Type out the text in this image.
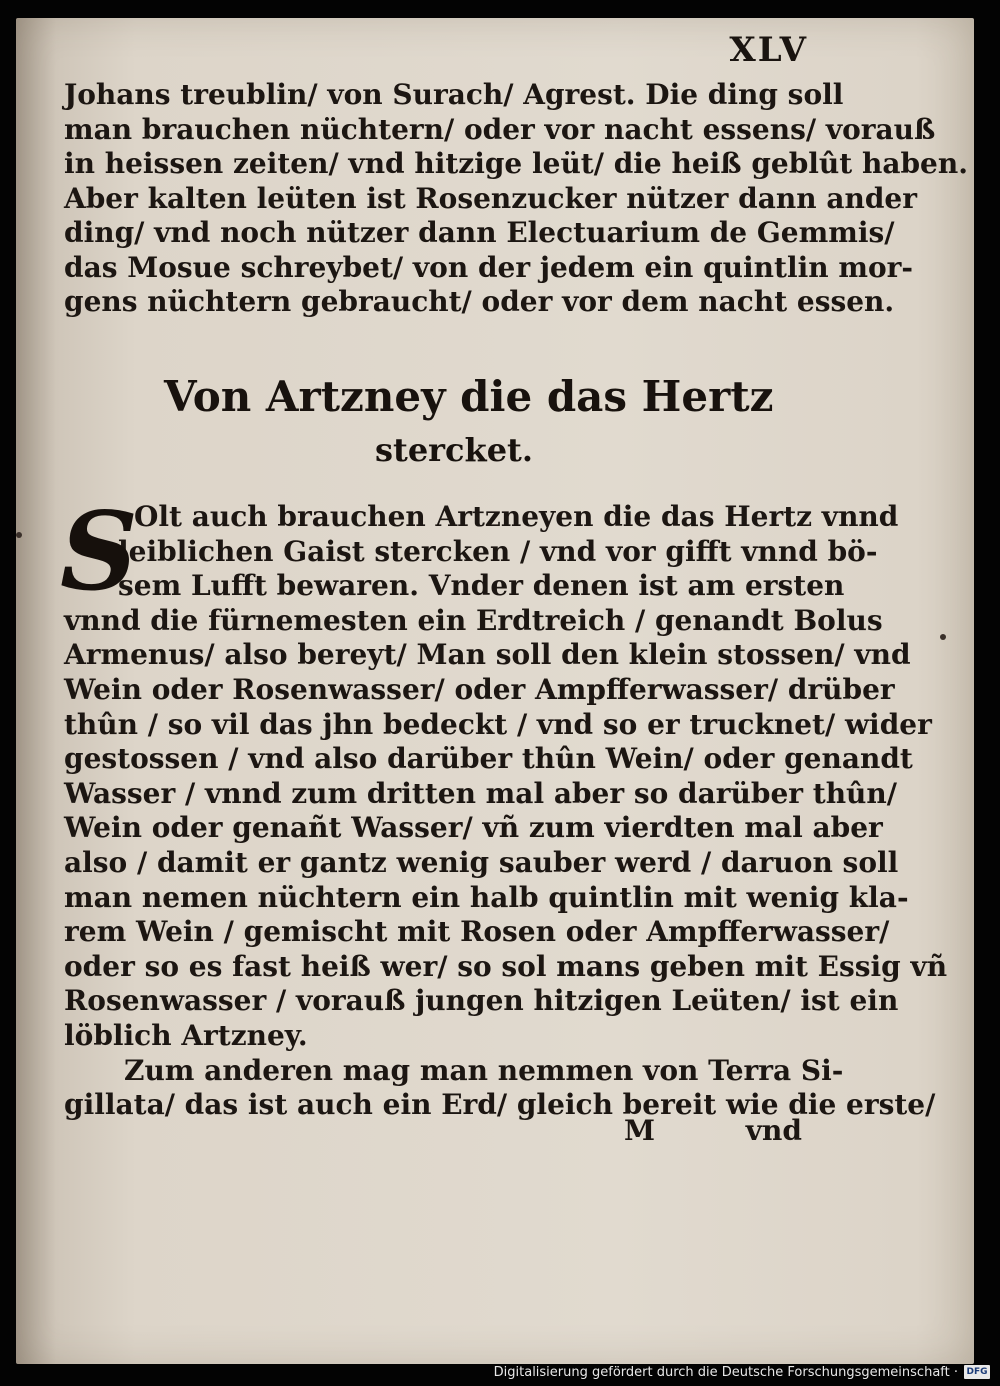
XLV

Johans treublin/ von Surach/ Agrest. Die ding soll
man brauchen nüchtern/ oder vor nacht essens/ vorauß
in heissen zeiten/ vnd hitzige leüt/ die heiß geblût haben.
Aber kalten leüten ist Rosenzucker nützer dann ander
ding/ vnd noch nützer dann Electuarium de Gemmis/
das Mosue schreybet/ von der jedem ein quintlin mor-
gens nüchtern gebraucht/ oder vor dem nacht essen.
Von Artzney die das Hertz
stercket.
S
Olt auch brauchen Artzneyen die das Hertz vnnd
leiblichen Gaist stercken / vnd vor gifft vnnd bö-
sem Lufft bewaren. Vnder denen ist am ersten
vnnd die fürnemesten ein Erdtreich / genandt Bolus
Armenus/ also bereyt/ Man soll den klein stossen/ vnd
Wein oder Rosenwasser/ oder Ampfferwasser/ drüber
thûn / so vil das jhn bedeckt / vnd so er trucknet/ wider
gestossen / vnd also darüber thûn Wein/ oder genandt
Wasser / vnnd zum dritten mal aber so darüber thûn/
Wein oder genañt Wasser/ vñ zum vierdten mal aber
also / damit er gantz wenig sauber werd / daruon soll
man nemen nüchtern ein halb quintlin mit wenig kla-
rem Wein / gemischt mit Rosen oder Ampfferwasser/
oder so es fast heiß wer/ so sol mans geben mit Essig vñ
Rosenwasser / vorauß jungen hitzigen Leüten/ ist ein
löblich Artzney.
Zum anderen mag man nemmen von Terra Si-
gillata/ das ist auch ein Erd/ gleich bereit wie die erste/
M	vnd
Digitalisierung gefördert durch die Deutsche Forschungsgemeinschaft · DFG
